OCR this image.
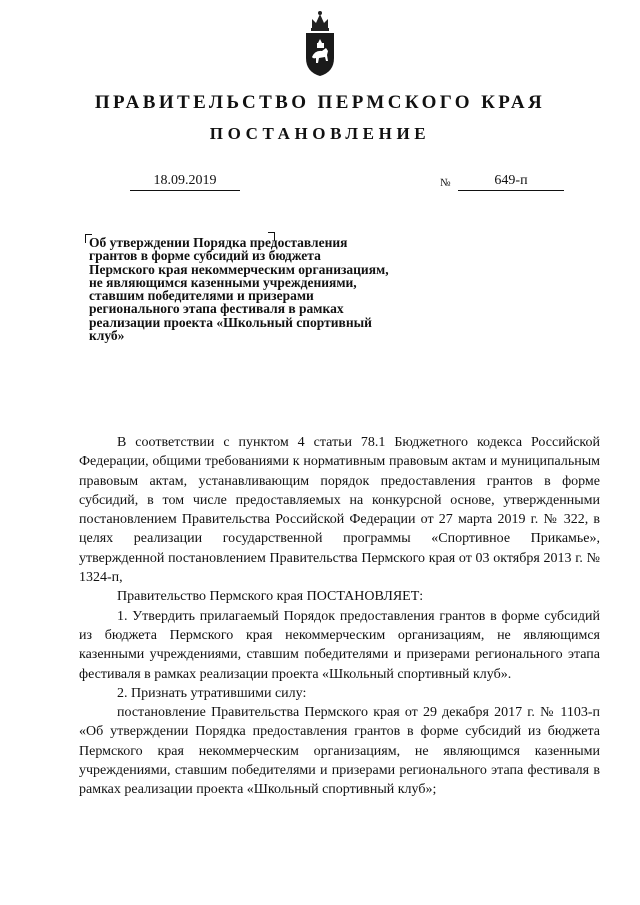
ПРАВИТЕЛЬСТВО ПЕРМСКОГО КРАЯ
ПОСТАНОВЛЕНИЕ
18.09.2019	№	649-п

Об утверждении Порядка предоставления грантов в форме субсидий из бюджета Пермского края некоммерческим организациям, не являющимся казенными учреждениями, ставшим победителями и призерами регионального этапа фестиваля в рамках реализации проекта «Школьный спортивный клуб»

В соответствии с пунктом 4 статьи 78.1 Бюджетного кодекса Российской Федерации, общими требованиями к нормативным правовым актам и муниципальным правовым актам, устанавливающим порядок предоставления грантов в форме субсидий, в том числе предоставляемых на конкурсной основе, утвержденными постановлением Правительства Российской Федерации от 27 марта 2019 г. № 322, в целях реализации государственной программы «Спортивное Прикамье», утвержденной постановлением Правительства Пермского края от 03 октября 2013 г. № 1324-п,

Правительство Пермского края ПОСТАНОВЛЯЕТ:

1. Утвердить прилагаемый Порядок предоставления грантов в форме субсидий из бюджета Пермского края некоммерческим организациям, не являющимся казенными учреждениями, ставшим победителями и призерами регионального этапа фестиваля в рамках реализации проекта «Школьный спортивный клуб».

2. Признать утратившими силу:

постановление Правительства Пермского края от 29 декабря 2017 г. № 1103-п «Об утверждении Порядка предоставления грантов в форме субсидий из бюджета Пермского края некоммерческим организациям, не являющимся казенными учреждениями, ставшим победителями и призерами регионального этапа фестиваля в рамках реализации проекта «Школьный спортивный клуб»;
